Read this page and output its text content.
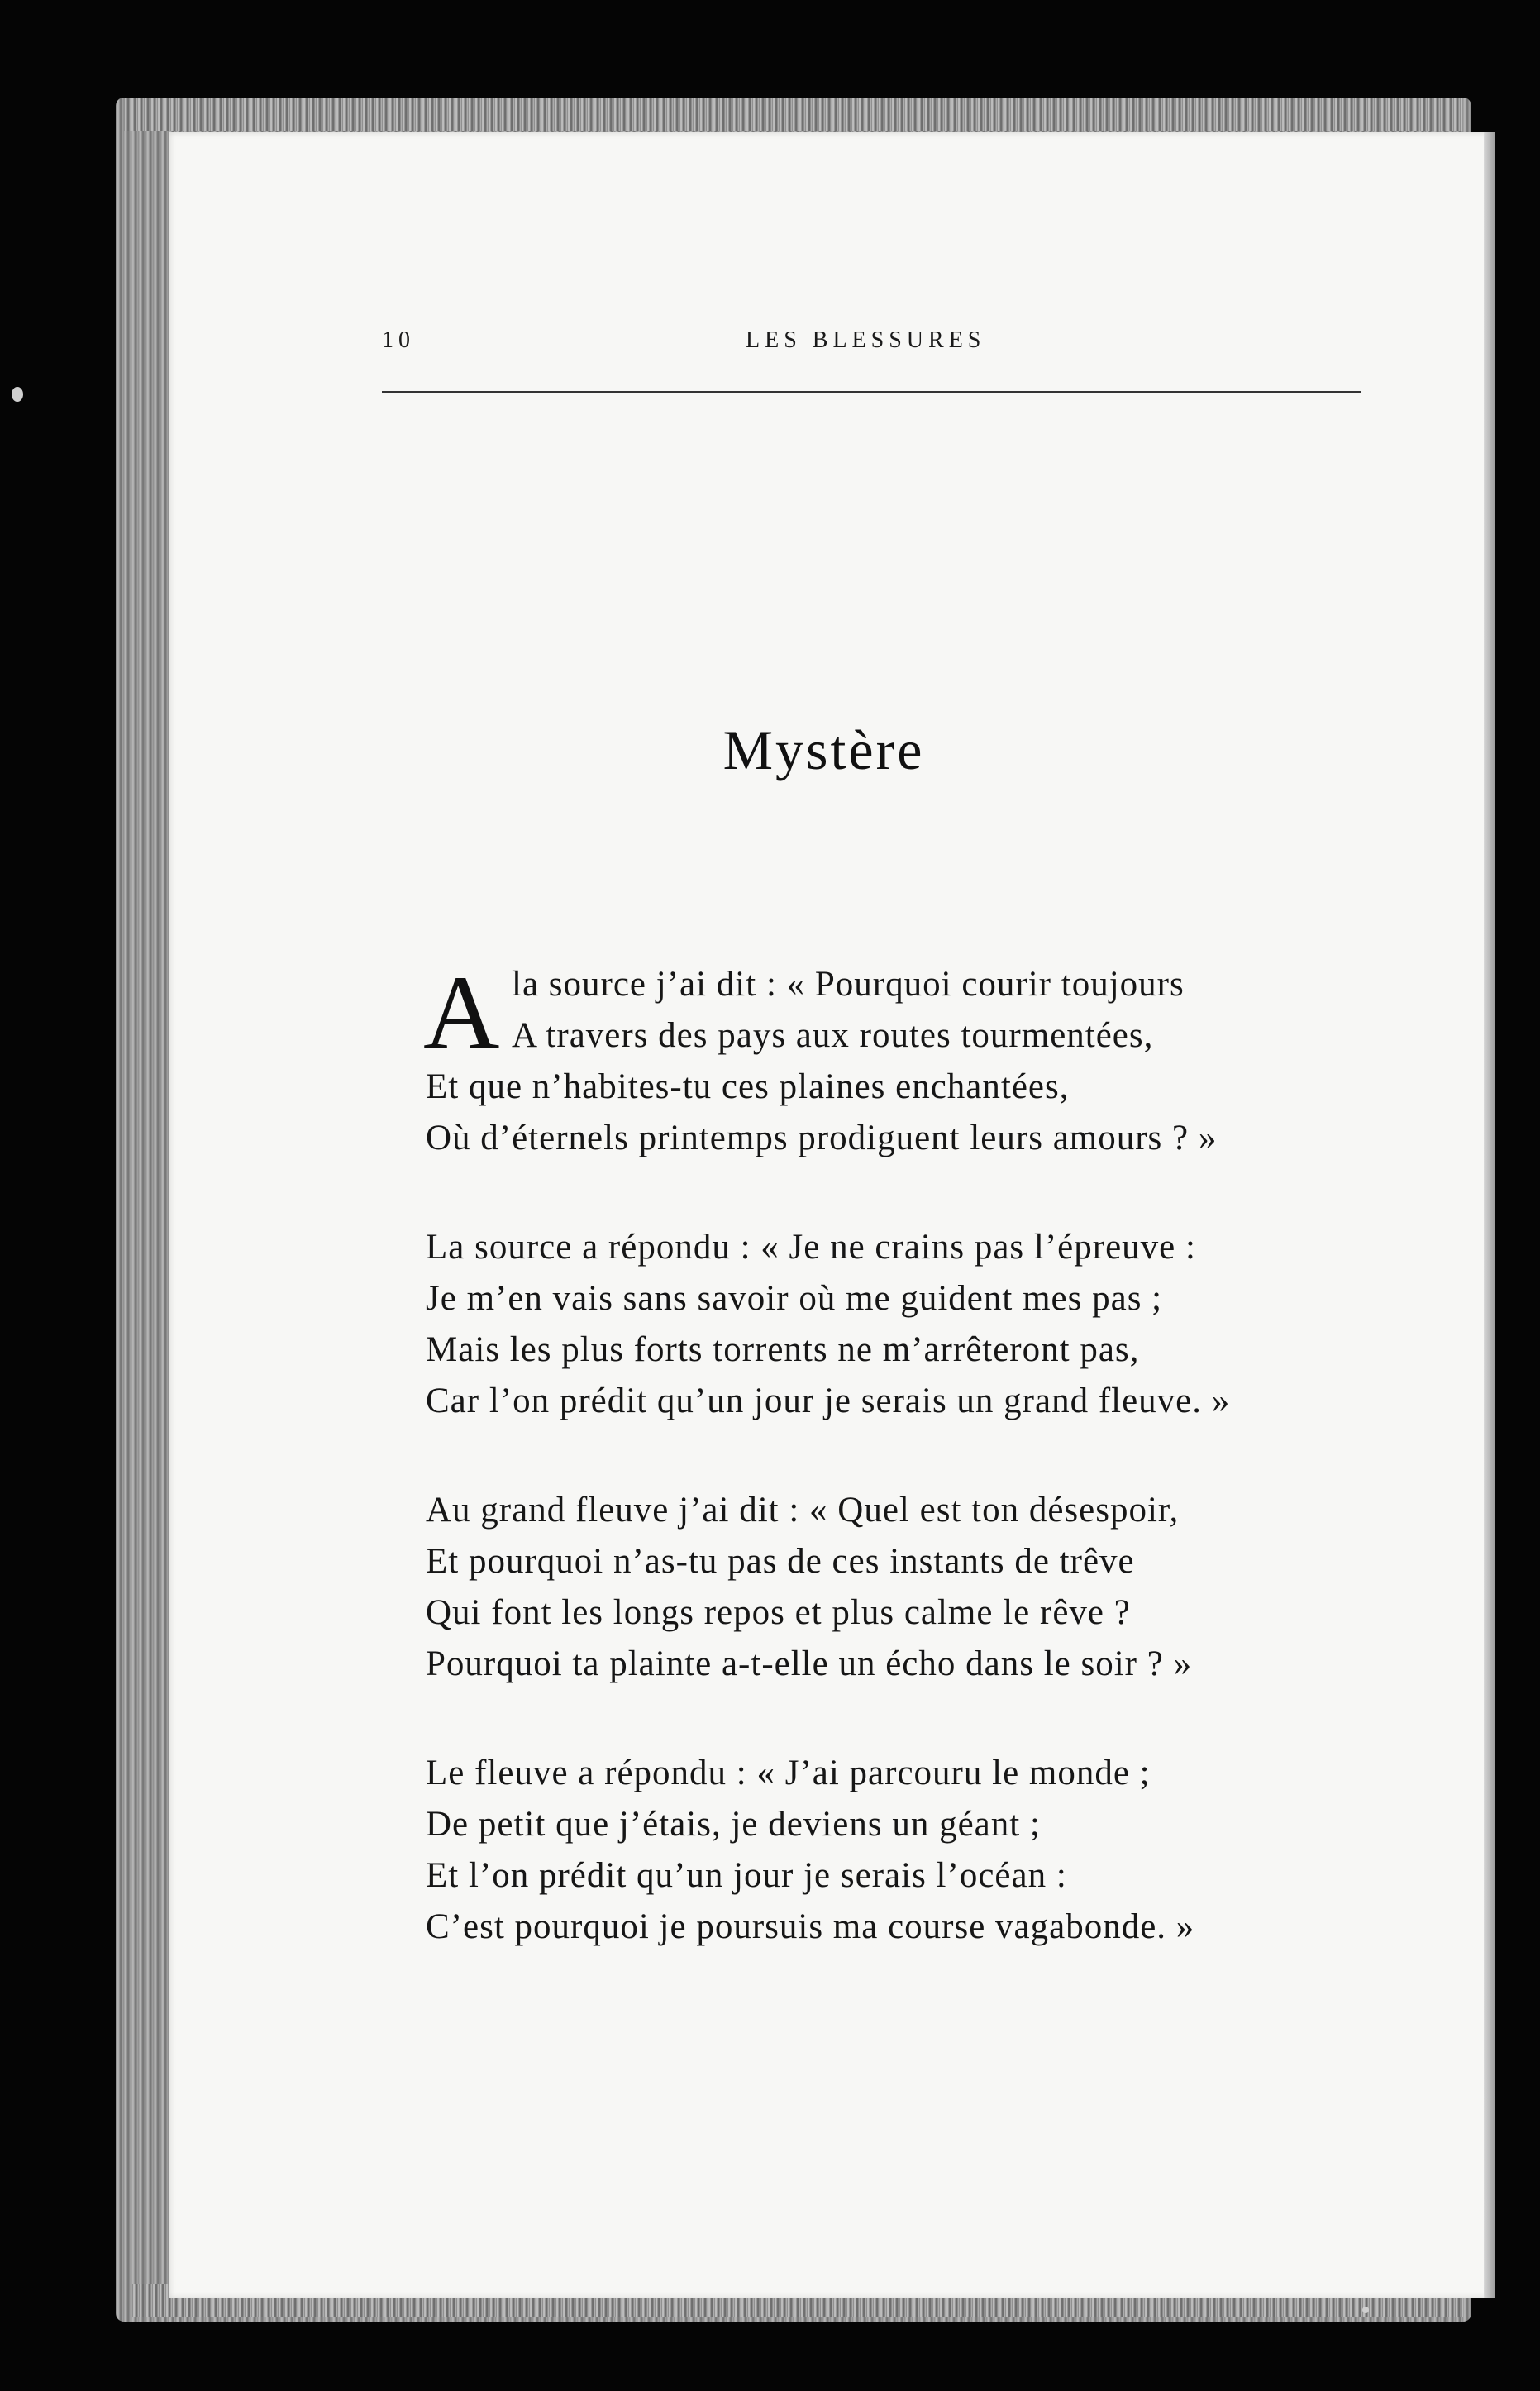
10	LES BLESSURES
Mystère
A la source j’ai dit : « Pourquoi courir toujours
A travers des pays aux routes tourmentées,
Et que n’habites-tu ces plaines enchantées,
Où d’éternels printemps prodiguent leurs amours ? »
La source a répondu : « Je ne crains pas l’épreuve :
Je m’en vais sans savoir où me guident mes pas ;
Mais les plus forts torrents ne m’arrêteront pas,
Car l’on prédit qu’un jour je serais un grand fleuve. »
Au grand fleuve j’ai dit : « Quel est ton désespoir,
Et pourquoi n’as-tu pas de ces instants de trêve
Qui font les longs repos et plus calme le rêve ?
Pourquoi ta plainte a-t-elle un écho dans le soir ? »
Le fleuve a répondu : « J’ai parcouru le monde ;
De petit que j’étais, je deviens un géant ;
Et l’on prédit qu’un jour je serais l’océan :
C’est pourquoi je poursuis ma course vagabonde. »
